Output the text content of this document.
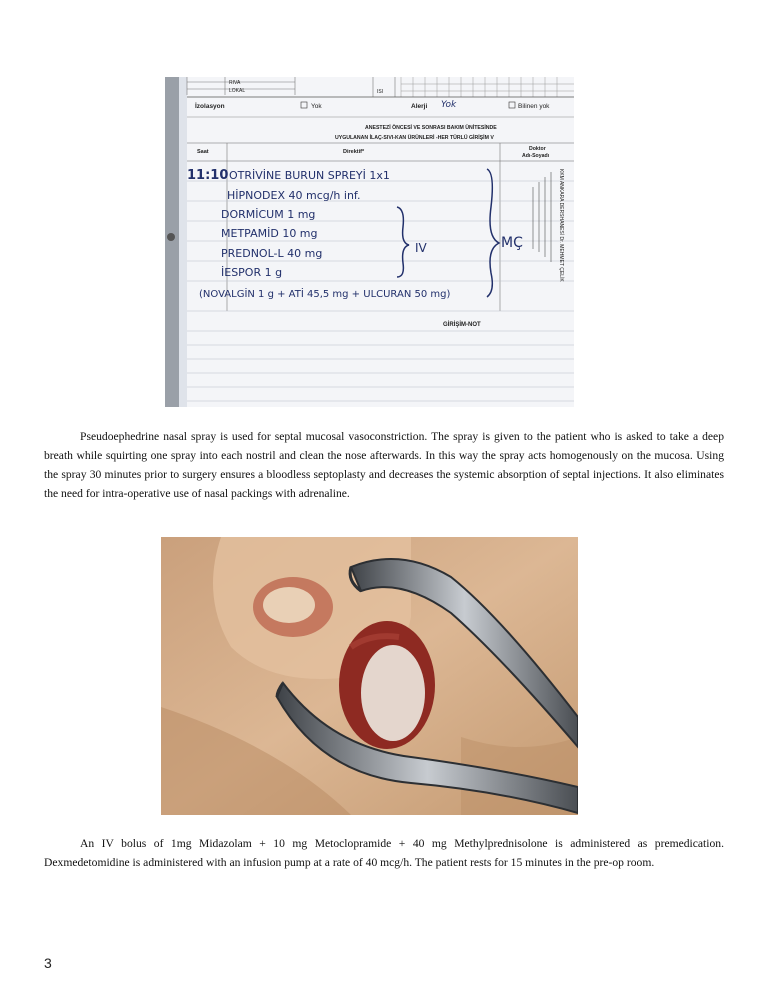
RIVA
LOKAL	ISI
İzolasyon	Yok	Alerji Yok	Bilinen yok
ANESTEZİ ÖNCESİ VE SONRASI BAKIM ÜNİTESİNDE
UYGULANAN İLAÇ-SIVI-KAN ÜRÜNLERİ -HER TÜRLÜ GİRİŞİM V
Saat	Direktif*	Doktor
Adı-Soyadı
GİRİŞİM-NOT
11:10 OTRİVİNE BURUN SPREYİ 1x1
HİPNODEX 40 mcg/h inf.
DORMİCUM 1 mg
METPAMİD 10 mg
PREDNOL-L 40 mg
İESPOR 1 g
(NOVALGİN 1 g + ATİ 45,5 mg + ULCURAN 50 mg)
IV	MÇ	KKM ANKARA DERSHANESİ Dr. MEHMET ÇELİK

Pseudoephedrine nasal spray is used for septal mucosal vasoconstriction. The spray is given to the patient who is asked to take a deep breath while squirting one spray into each nostril and clean the nose afterwards. In this way the spray acts homogenously on the mucosa. Using the spray 30 minutes prior to surgery ensures a bloodless septoplasty and decreases the systemic absorption of septal injections. It also eliminates the need for intra-operative use of nasal packings with adrenaline.

An IV bolus of 1mg Midazolam + 10 mg Metoclopramide + 40 mg Methylprednisolone is administered as premedication. Dexmedetomidine is administered with an infusion pump at a rate of 40 mcg/h. The patient rests for 15 minutes in the pre-op room.

3
